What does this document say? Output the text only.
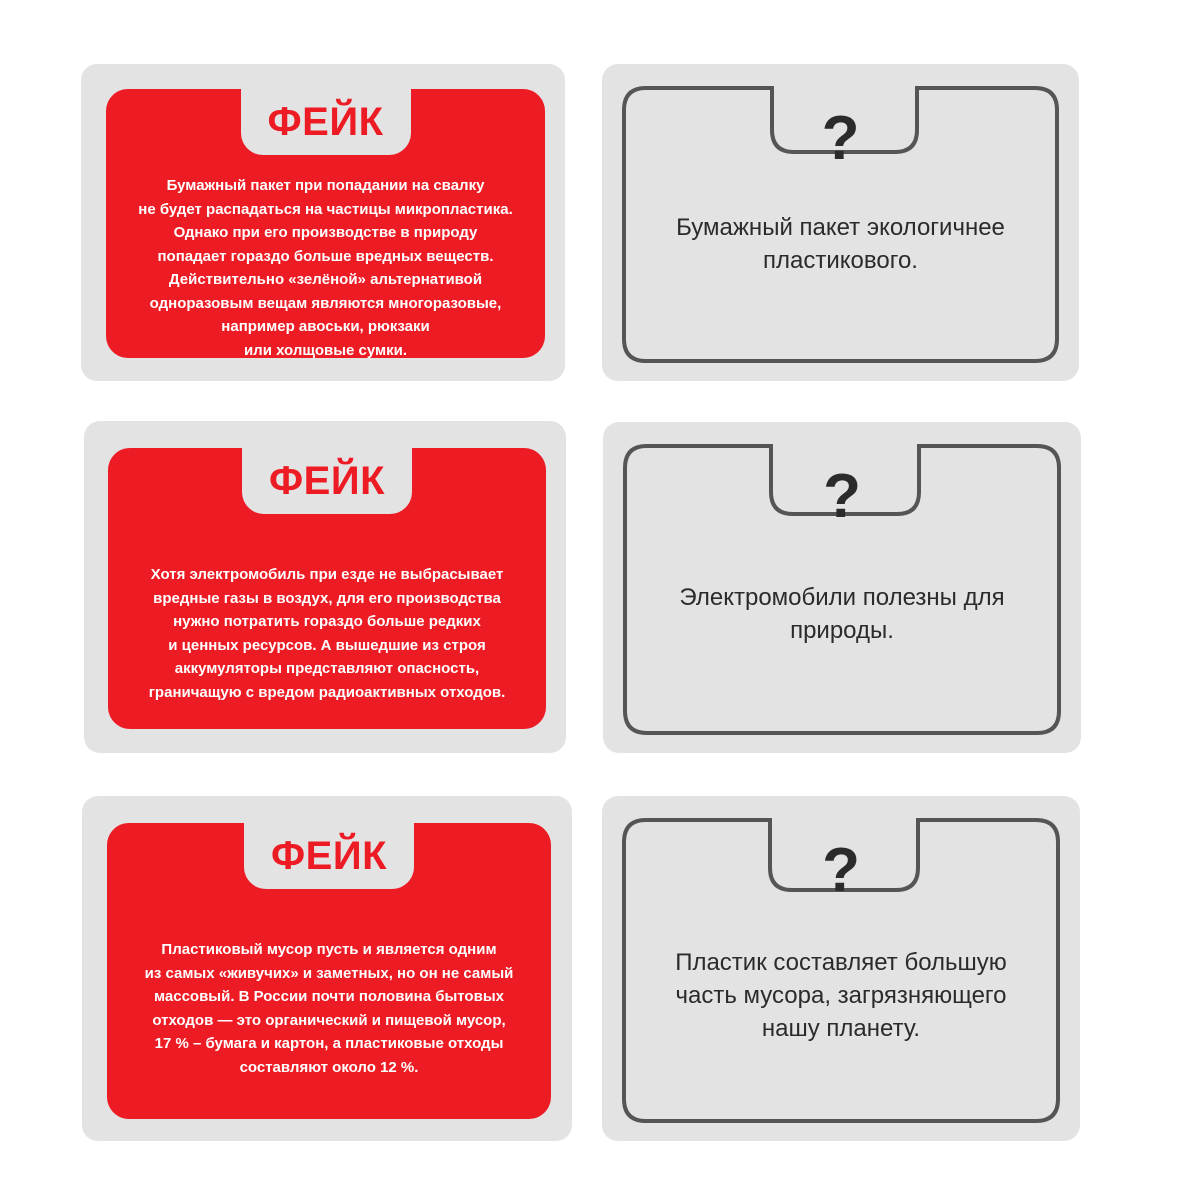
ФЕЙК
Бумажный пакет при попадании на свалку
не будет распадаться на частицы микропластика.
Однако при его производстве в природу
попадает гораздо больше вредных веществ.
Действительно «зелёной» альтернативой
одноразовым вещам являются многоразовые,
например авоськи, рюкзаки
или холщовые сумки.
?
Бумажный пакет экологичнее
пластикового.
ФЕЙК
Хотя электромобиль при езде не выбрасывает
вредные газы в воздух, для его производства
нужно потратить гораздо больше редких
и ценных ресурсов. А вышедшие из строя
аккумуляторы представляют опасность,
граничащую с вредом радиоактивных отходов.
?
Электромобили полезны для
природы.
ФЕЙК
Пластиковый мусор пусть и является одним
из самых «живучих» и заметных, но он не самый
массовый. В России почти половина бытовых
отходов — это органический и пищевой мусор,
17 % – бумага и картон, а пластиковые отходы
составляют около 12 %.
?
Пластик составляет большую
часть мусора, загрязняющего
нашу планету.
